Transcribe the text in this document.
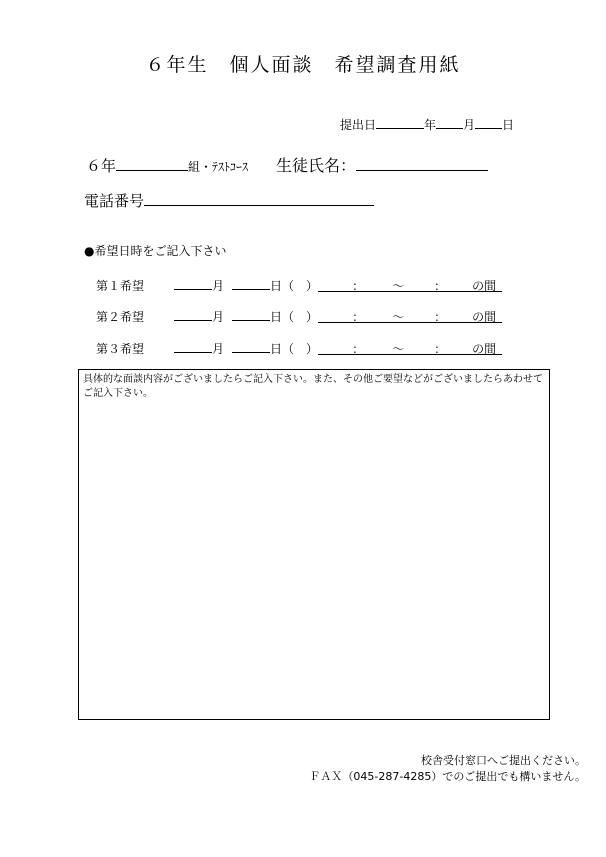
６年生　個人面談　希望調査用紙
提出日	年 月 日
６年	組・ﾃｽﾄｺｰｽ 生徒氏名：
電話番号
●希望日時をご記入下さい
第１希望	月	日（ ）	： ～	： の間
第２希望	月	日（ ）	： ～	： の間
第３希望	月	日（ ）	： ～	： の間
具体的な面談内容がございましたらご記入下さい。また、その他ご要望などがございましたらあわせてご記入下さい。
校舎受付窓口へご提出ください。
ＦＡＸ（045-287-4285）でのご提出でも構いません。
